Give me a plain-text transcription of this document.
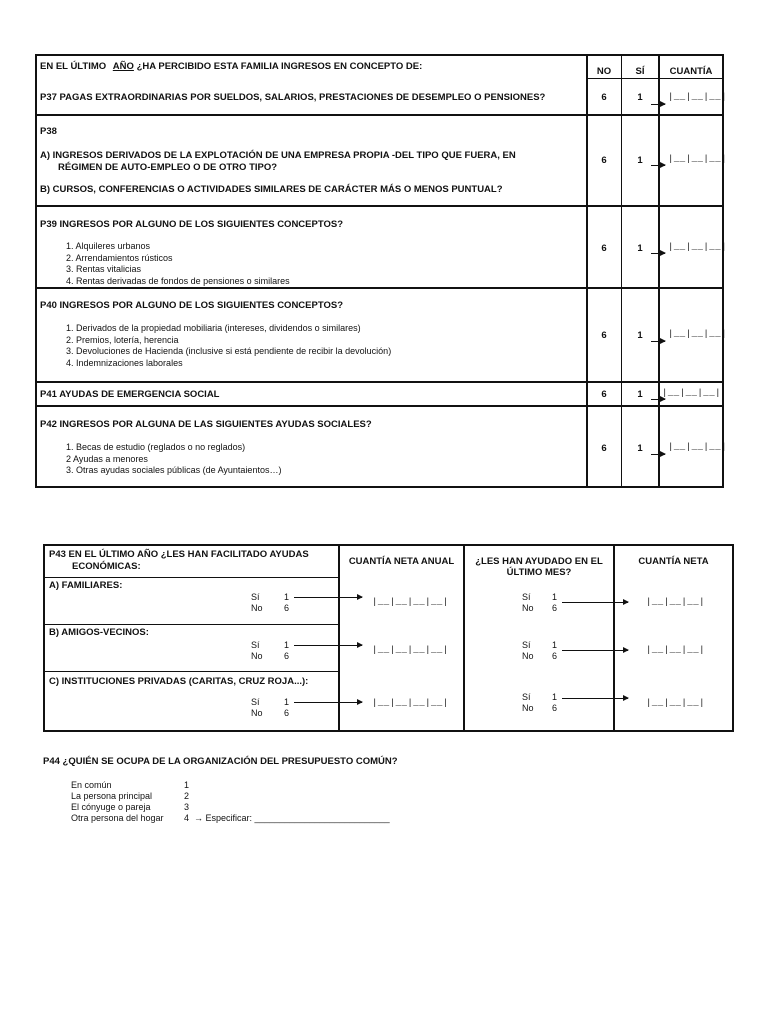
EN EL ÚLTIMO AÑO ¿HA PERCIBIDO ESTA FAMILIA INGRESOS EN CONCEPTO DE:	NO	SÍ	CUANTÍA
P37 PAGAS EXTRAORDINARIAS POR SUELDOS, SALARIOS, PRESTACIONES DE DESEMPLEO O PENSIONES?	6	1	|__|__|__|
P38
A) INGRESOS DERIVADOS DE LA EXPLOTACIÓN DE UNA EMPRESA PROPIA -DEL TIPO QUE FUERA, EN
RÉGIMEN DE AUTO-EMPLEO O DE OTRO TIPO?
B) CURSOS, CONFERENCIAS O ACTIVIDADES SIMILARES DE CARÁCTER MÁS O MENOS PUNTUAL?
6	1	|__|__|__|
P39 INGRESOS POR ALGUNO DE LOS SIGUIENTES CONCEPTOS?
1. Alquileres urbanos
2. Arrendamientos rústicos
3. Rentas vitalicias
4. Rentas derivadas de fondos de pensiones o similares
6	1	|__|__|__|
P40 INGRESOS POR ALGUNO DE LOS SIGUIENTES CONCEPTOS?
1. Derivados de la propiedad mobiliaria (intereses, dividendos o similares)
2. Premios, lotería, herencia
3. Devoluciones de Hacienda (inclusive si está pendiente de recibir la devolución)
4. Indemnizaciones laborales
6	1	|__|__|__|
P41 AYUDAS DE EMERGENCIA SOCIAL	6	1	|__|__|__|
P42 INGRESOS POR ALGUNA DE LAS SIGUIENTES AYUDAS SOCIALES?
1. Becas de estudio (reglados o no reglados)
2 Ayudas a menores
3. Otras ayudas sociales públicas (de Ayuntaientos…)
6	1	|__|__|__|
P43 EN EL ÚLTIMO AÑO ¿LES HAN FACILITADO AYUDAS
ECONÓMICAS:	CUANTÍA NETA ANUAL	¿LES HAN AYUDADO EN EL
ÚLTIMO MES?
CUANTÍA NETA
A) FAMILIARES:
Sí	1
No 6
|__|__|__|__|	Sí 1
No 6
|__|__|__|
B) AMIGOS-VECINOS:
Sí	1
No 6
|__|__|__|__|	Sí 1
No 6
|__|__|__|
C) INSTITUCIONES PRIVADAS (CARITAS, CRUZ ROJA...):
Sí	1
No 6
|__|__|__|__|
Sí 1
No 6	|__|__|__|
P44 ¿QUIÉN SE OCUPA DE LA ORGANIZACIÓN DEL PRESUPUESTO COMÚN?
En común	1
La persona principal	2
El cónyuge o pareja	3
Otra persona del hogar 4 → Especificar: ___________________________
